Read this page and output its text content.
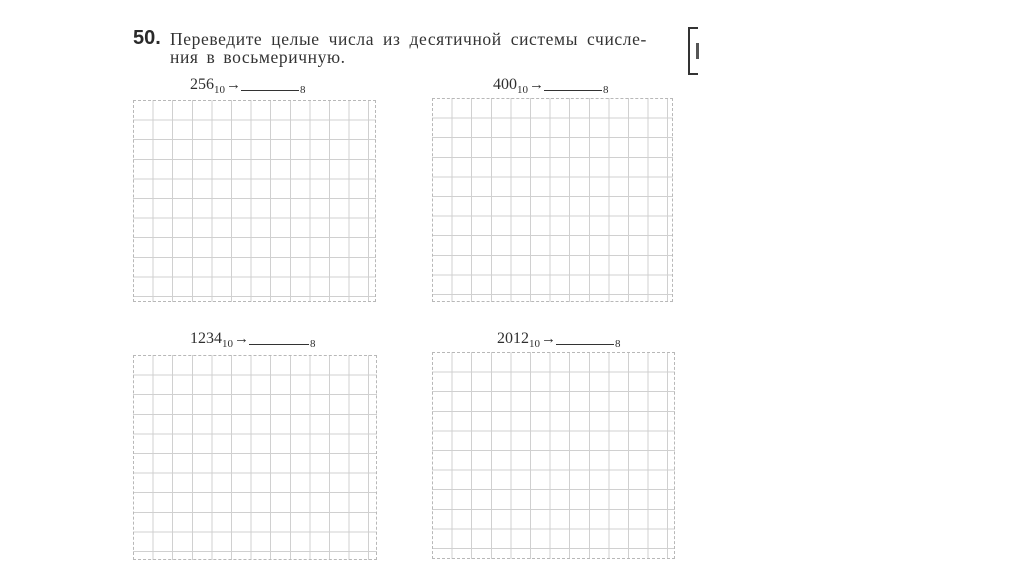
50. Переведите целые числа из десятичной системы счисле-
ния в восьмеричную.
$256_{10}\to$	$_8$	$400_{10}\to$	$_8$
$1234_{10}\to$	$_8$	$2012_{10}\to$	$_8$
